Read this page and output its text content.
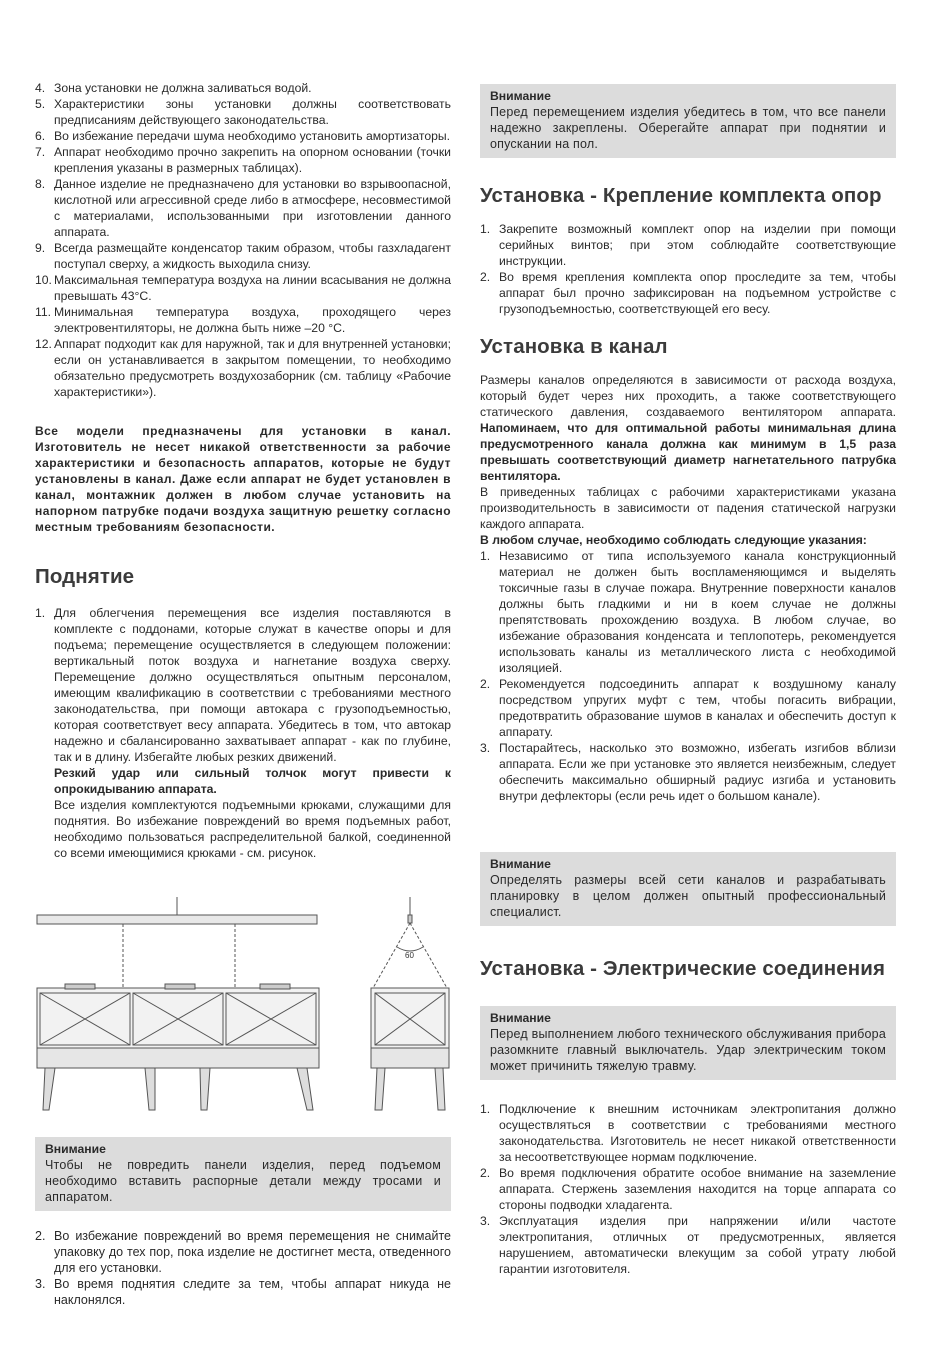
4. Зона установки не должна заливаться водой.
5. Характеристики зоны установки должны соответствовать предписаниям действующего законодательства.
6. Во избежание передачи шума необходимо установить амортизаторы.
7. Аппарат необходимо прочно закрепить на опорном основании (точки крепления указаны в размерных таблицах).
8. Данное изделие не предназначено для установки во взрывоопасной, кислотной или агрессивной среде либо в атмосфере, несовместимой с материалами, использованными при изготовлении данного аппарата.
9. Всегда размещайте конденсатор таким образом, чтобы газхладагент поступал сверху, а жидкость выходила снизу.
10. Максимальная температура воздуха на линии всасывания не должна превышать 43°C.
11. Минимальная температура воздуха, проходящего через электровентиляторы, не должна быть ниже –20 °С.
12. Аппарат подходит как для наружной, так и для внутренней установки; если он устанавливается в закрытом помещении, то необходимо обязательно предусмотреть воздухозаборник (см. таблицу «Рабочие характеристики»).

Все модели предназначены для установки в канал. Изготовитель не несет никакой ответственности за рабочие характеристики и безопасность аппаратов, которые не будут установлены в канал. Даже если аппарат не будет установлен в канал, монтажник должен в любом случае установить на напорном патрубке подачи воздуха защитную решетку согласно местным требованиям безопасности.

Поднятие
1. Для облегчения перемещения все изделия поставляются в комплекте с поддонами, которые служат в качестве опоры и для подъема; перемещение осуществляется в следующем положении: вертикальный поток воздуха и нагнетание воздуха сверху. Перемещение должно осуществляться опытным персоналом, имеющим квалификацию в соответствии с требованиями местного законодательства, при помощи автокара с грузоподъемностью, которая соответствует весу аппарата. Убедитесь в том, что автокар надежно и сбалансированно захватывает аппарат - как по глубине, так и в длину. Избегайте любых резких движений.
Резкий удар или сильный толчок могут привести к опрокидыванию аппарата.
Все изделия комплектуются подъемными крюками, служащими для поднятия. Во избежание повреждений во время подъемных работ, необходимо пользоваться распределительной балкой, соединенной со всеми имеющимися крюками - см. рисунок.
60
Внимание
Чтобы не повредить панели изделия, перед подъемом необходимо вставить распорные детали между тросами и аппаратом.
2. Во избежание повреждений во время перемещения не снимайте упаковку до тех пор, пока изделие не достигнет места, отведенного для его установки.
3. Во время поднятия следите за тем, чтобы аппарат никуда не наклонялся.
Внимание
Перед перемещением изделия убедитесь в том, что все панели надежно закреплены. Оберегайте аппарат при поднятии и опускании на пол.
Установка - Крепление комплекта опор
1. Закрепите возможный комплект опор на изделии при помощи серийных винтов; при этом соблюдайте соответствующие инструкции.
2. Во время крепления комплекта опор проследите за тем, чтобы аппарат был прочно зафиксирован на подъемном устройстве с грузоподъемностью, соответствующей его весу.
Установка в канал

Размеры каналов определяются в зависимости от расхода воздуха, который будет через них проходить, а также соответствующего статического давления, создаваемого вентилятором аппарата. Напоминаем, что для оптимальной работы минимальная длина предусмотренного канала должна как минимум в 1,5 раза превышать соответствующий диаметр нагнетательного патрубка вентилятора.

В приведенных таблицах с рабочими характеристиками указана производительность в зависимости от падения статической нагрузки каждого аппарата.

В любом случае, необходимо соблюдать следующие указания:

1. Независимо от типа используемого канала конструкционный материал не должен быть воспламеняющимся и выделять токсичные газы в случае пожара. Внутренние поверхности каналов должны быть гладкими и ни в коем случае не должны препятствовать прохождению воздуха. В любом случае, во избежание образования конденсата и теплопотерь, рекомендуется использовать каналы из металлического листа с необходимой изоляцией.
2. Рекомендуется подсоединить аппарат к воздушному каналу посредством упругих муфт с тем, чтобы погасить вибрации, предотвратить образование шумов в каналах и обеспечить доступ к аппарату.
3. Постарайтесь, насколько это возможно, избегать изгибов вблизи аппарата. Если же при установке это является неизбежным, следует обеспечить максимально обширный радиус изгиба и установить внутри дефлекторы (если речь идет о большом канале).
Внимание
Определять размеры всей сети каналов и разрабатывать планировку в целом должен опытный профессиональный специалист.
Установка - Электрические соединения
Внимание
Перед выполнением любого технического обслуживания прибора разомкните главный выключатель. Удар электрическим током может причинить тяжелую травму.
1. Подключение к внешним источникам электропитания должно осуществляться в соответствии с требованиями местного законодательства. Изготовитель не несет никакой ответственности за несоответствующее нормам подключение.
2. Во время подключения обратите особое внимание на заземление аппарата. Стержень заземления находится на торце аппарата со стороны подводки хладагента.
3. Эксплуатация изделия при напряжении и/или частоте электропитания, отличных от предусмотренных, является нарушением, автоматически влекущим за собой утрату любой гарантии изготовителя.
